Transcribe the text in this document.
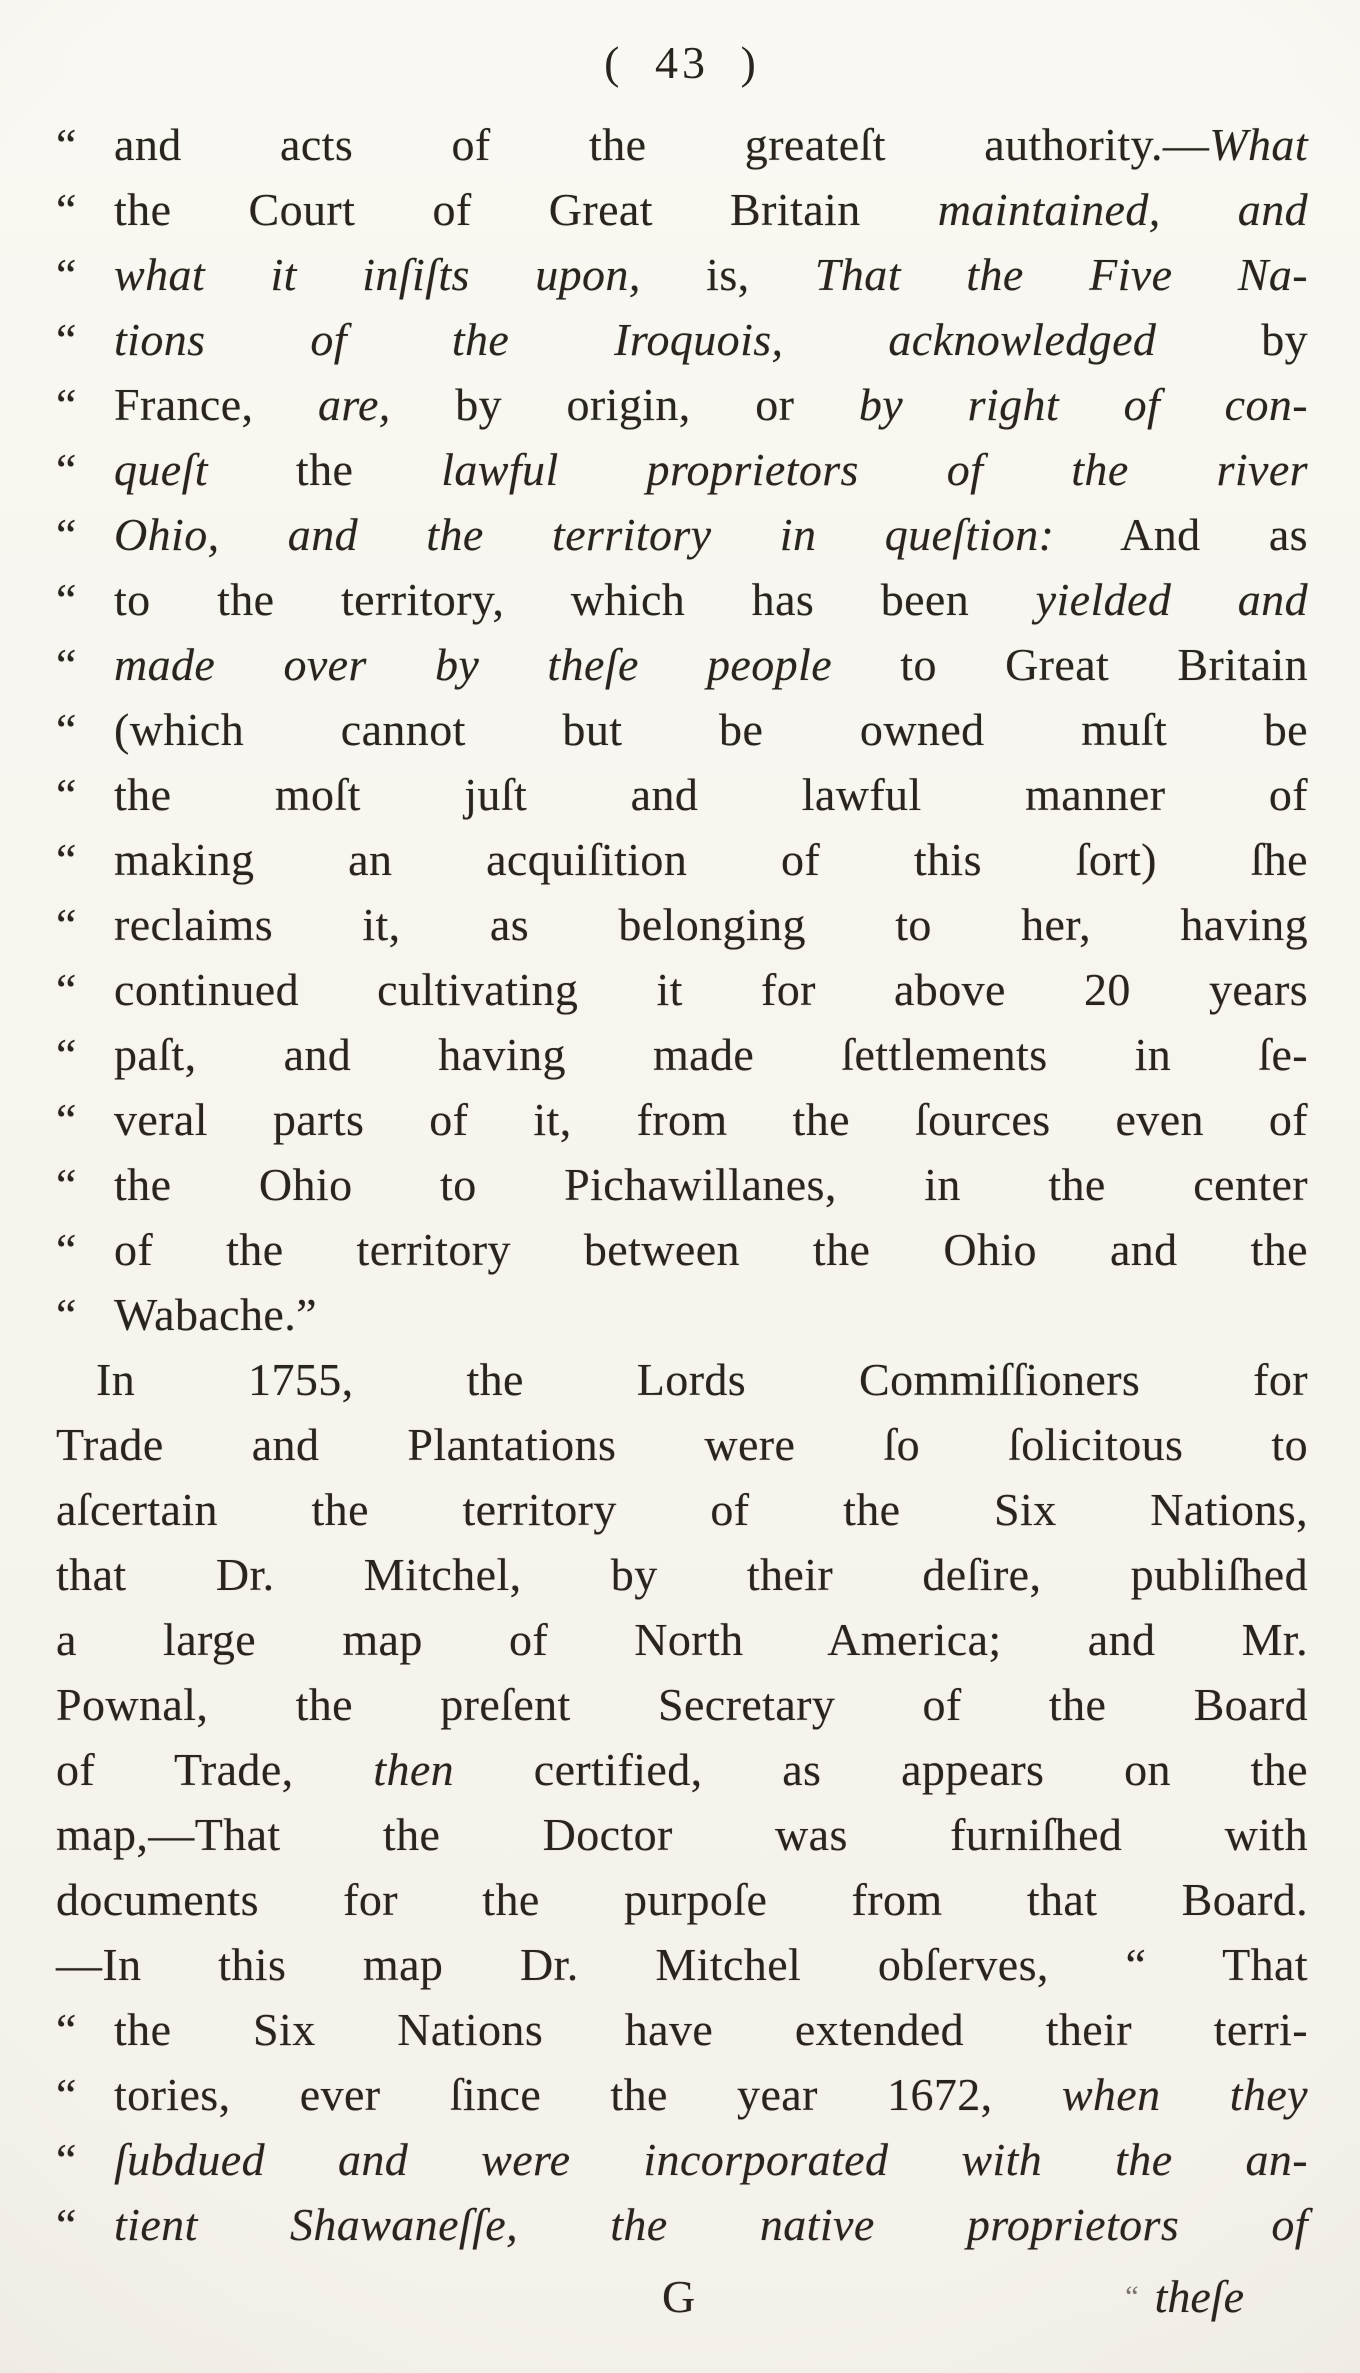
( 43 )
“ and acts of the greateſt authority.—What
“ the Court of Great Britain maintained, and
“ what it inſiſts upon, is, That the Five Na-
“ tions of the Iroquois, acknowledged by
“ France, are, by origin, or by right of con-
“ queſt the lawful proprietors of the river
“ Ohio, and the territory in queſtion: And as
“ to the territory, which has been yielded and
“ made over by theſe people to Great Britain
“ (which cannot but be owned muſt be
“ the moſt juſt and lawful manner of
“ making an acquiſition of this ſort) ſhe
“ reclaims it, as belonging to her, having
“ continued cultivating it for above 20 years
“ paſt, and having made ſettlements in ſe-
“ veral parts of it, from the ſources even of
“ the Ohio to Pichawillanes, in the center
“ of the territory between the Ohio and the
“ Wabache.”
In 1755, the Lords Commiſſioners for
Trade and Plantations were ſo ſolicitous to
aſcertain the territory of the Six Nations,
that Dr. Mitchel, by their deſire, publiſhed
a large map of North America; and Mr.
Pownal, the preſent Secretary of the Board
of Trade, then certified, as appears on the
map,—That the Doctor was furniſhed with
documents for the purpoſe from that Board.
—In this map Dr. Mitchel obſerves, “ That
“ the Six Nations have extended their terri-
“ tories, ever ſince the year 1672, when they
“ ſubdued and were incorporated with the an-
“ tient Shawaneſſe, the native proprietors of
G	“ theſe
